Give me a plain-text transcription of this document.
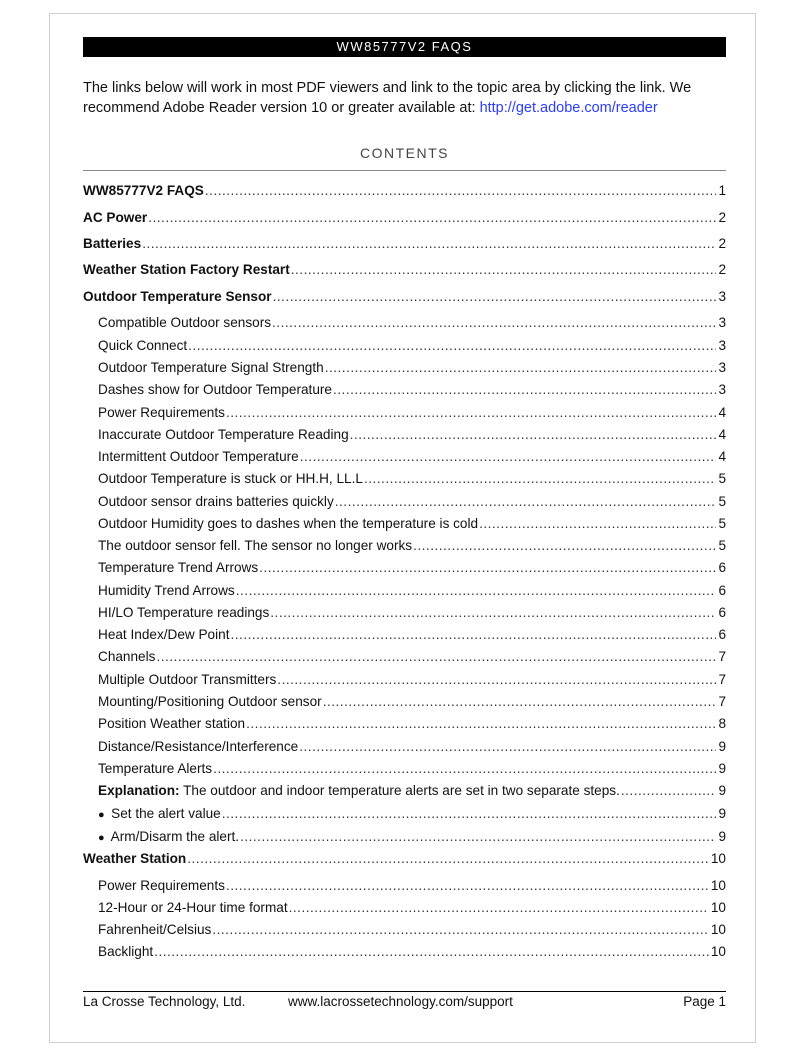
WW85777V2 FAQS
The links below will work in most PDF viewers and link to the topic area by clicking the link. We recommend Adobe Reader version 10 or greater available at: http://get.adobe.com/reader
CONTENTS
WW85777V2 FAQS .....	1
AC Power .....	2
Batteries .....	2
Weather Station Factory Restart .....	2
Outdoor Temperature Sensor .....	3
Compatible Outdoor sensors .....	3
Quick Connect .....	3
Outdoor Temperature Signal Strength .....	3
Dashes show for Outdoor Temperature .....	3
Power Requirements .....	4
Inaccurate Outdoor Temperature Reading .....	4
Intermittent Outdoor Temperature .....	4
Outdoor Temperature is stuck or HH.H, LL.L .....	5
Outdoor sensor drains batteries quickly .....	5
Outdoor Humidity goes to dashes when the temperature is cold .....	5
The outdoor sensor fell. The sensor no longer works .....	5
Temperature Trend Arrows .....	6
Humidity Trend Arrows .....	6
HI/LO Temperature readings .....	6
Heat Index/Dew Point .....	6
Channels .....	7
Multiple Outdoor Transmitters .....	7
Mounting/Positioning Outdoor sensor .....	7
Position Weather station .....	8
Distance/Resistance/Interference .....	9
Temperature Alerts .....	9
Explanation: The outdoor and indoor temperature alerts are set in two separate steps. .....	9
● Set the alert value .....	9
● Arm/Disarm the alert. .....	9
Weather Station .....	10
Power Requirements .....	10
12-Hour or 24-Hour time format .....	10
Fahrenheit/Celsius .....	10
Backlight .....	10
La Crosse Technology, Ltd.	www.lacrossetechnology.com/support	Page 1
